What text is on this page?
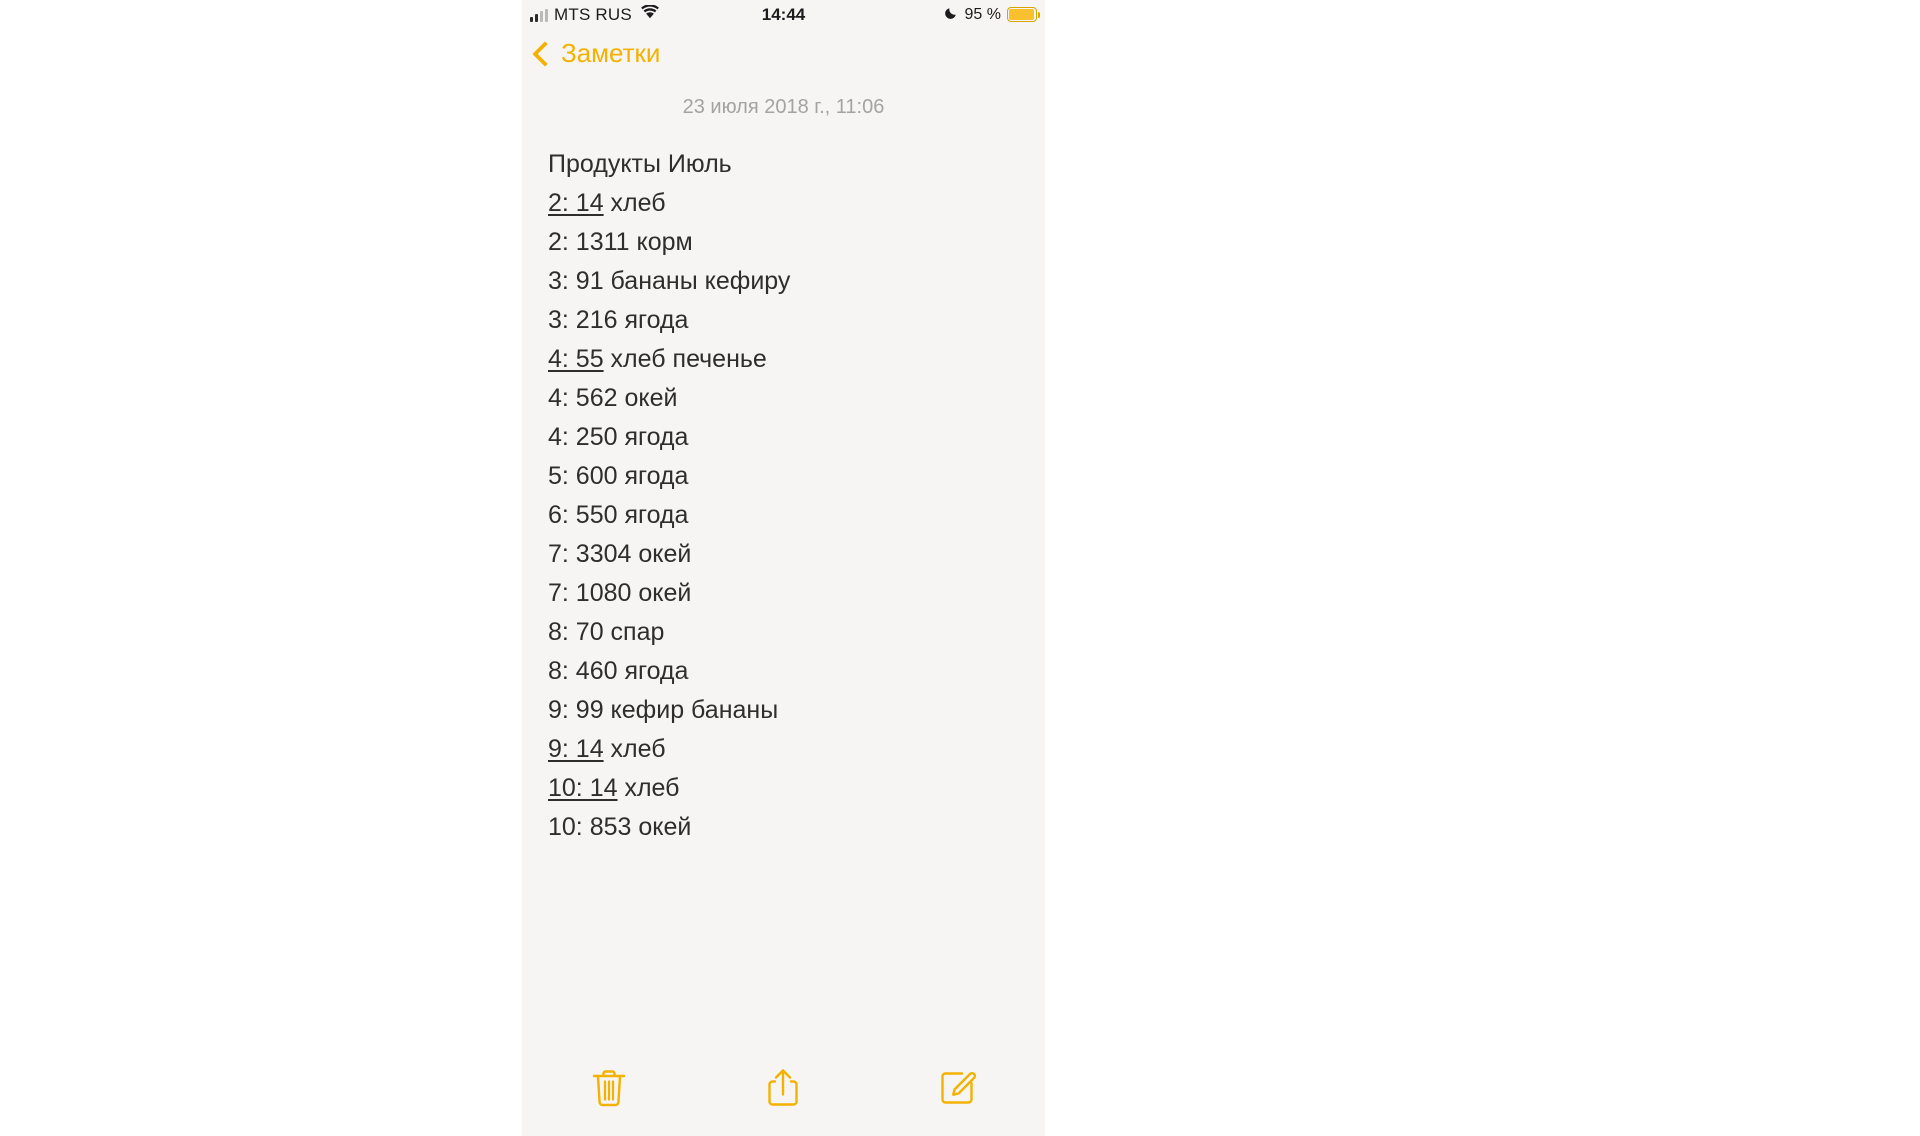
MTS RUS	14:44	95 %
Заметки
23 июля 2018 г., 11:06
Продукты Июль
2: 14 хлеб
2: 1311 корм
3: 91 бананы кефиру
3: 216 ягода
4: 55 хлеб печенье
4: 562 окей
4: 250 ягода
5: 600 ягода
6: 550 ягода
7: 3304 окей
7: 1080 окей
8: 70 спар
8: 460 ягода
9: 99 кефир бананы
9: 14 хлеб
10: 14 хлеб
10: 853 окей
